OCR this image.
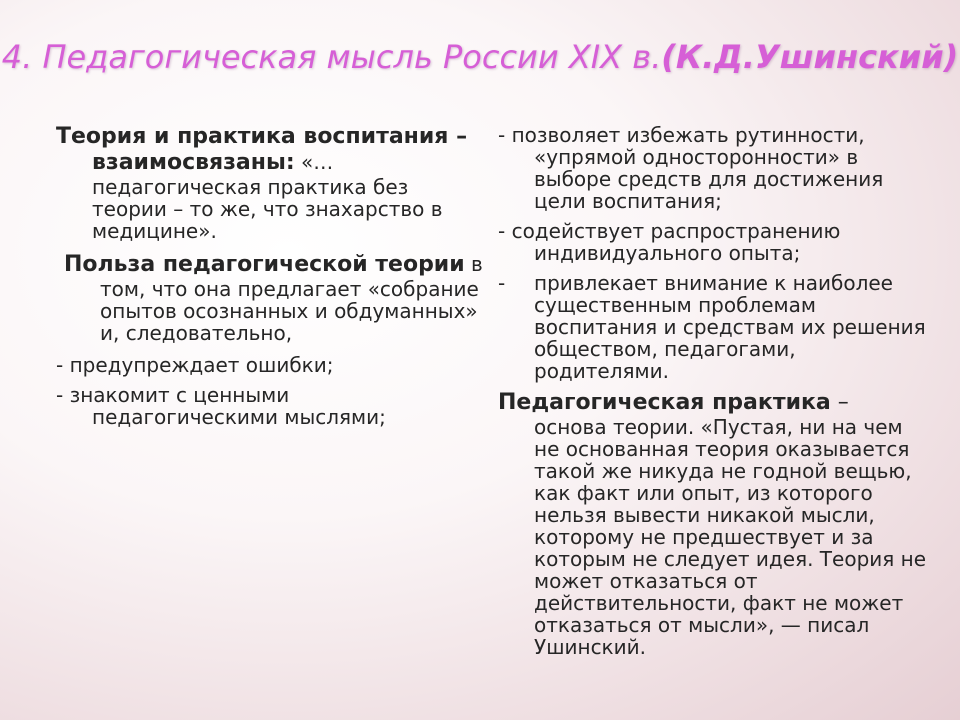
4. Педагогическая мысль России XIX в.(К.Д.Ушинский)
Теория и практика воспитания – взаимосвязаны: «… педагогическая практика без теории – то же, что знахарство в медицине».
Польза педагогической теории в том, что она предлагает «собрание опытов осознанных и обдуманных» и, следовательно,
- предупреждает ошибки;
- знакомит с ценными
педагогическими мыслями;
- позволяет избежать рутинности,
«упрямой односторонности» в выборе средств для достижения цели воспитания;
- содействует распространению
индивидуального опыта;
- привлекает внимание к наиболее существенным проблемам воспитания и средствам их решения обществом, педагогами, родителями.
Педагогическая практика –
основа теории. «Пустая, ни на чем не основанная теория оказывается такой же никуда не годной вещью, как факт или опыт, из которого нельзя вывести никакой мысли, которому не предшествует и за которым не следует идея. Теория не может отказаться от действительности, факт не может отказаться от мысли», — писал Ушинский.
